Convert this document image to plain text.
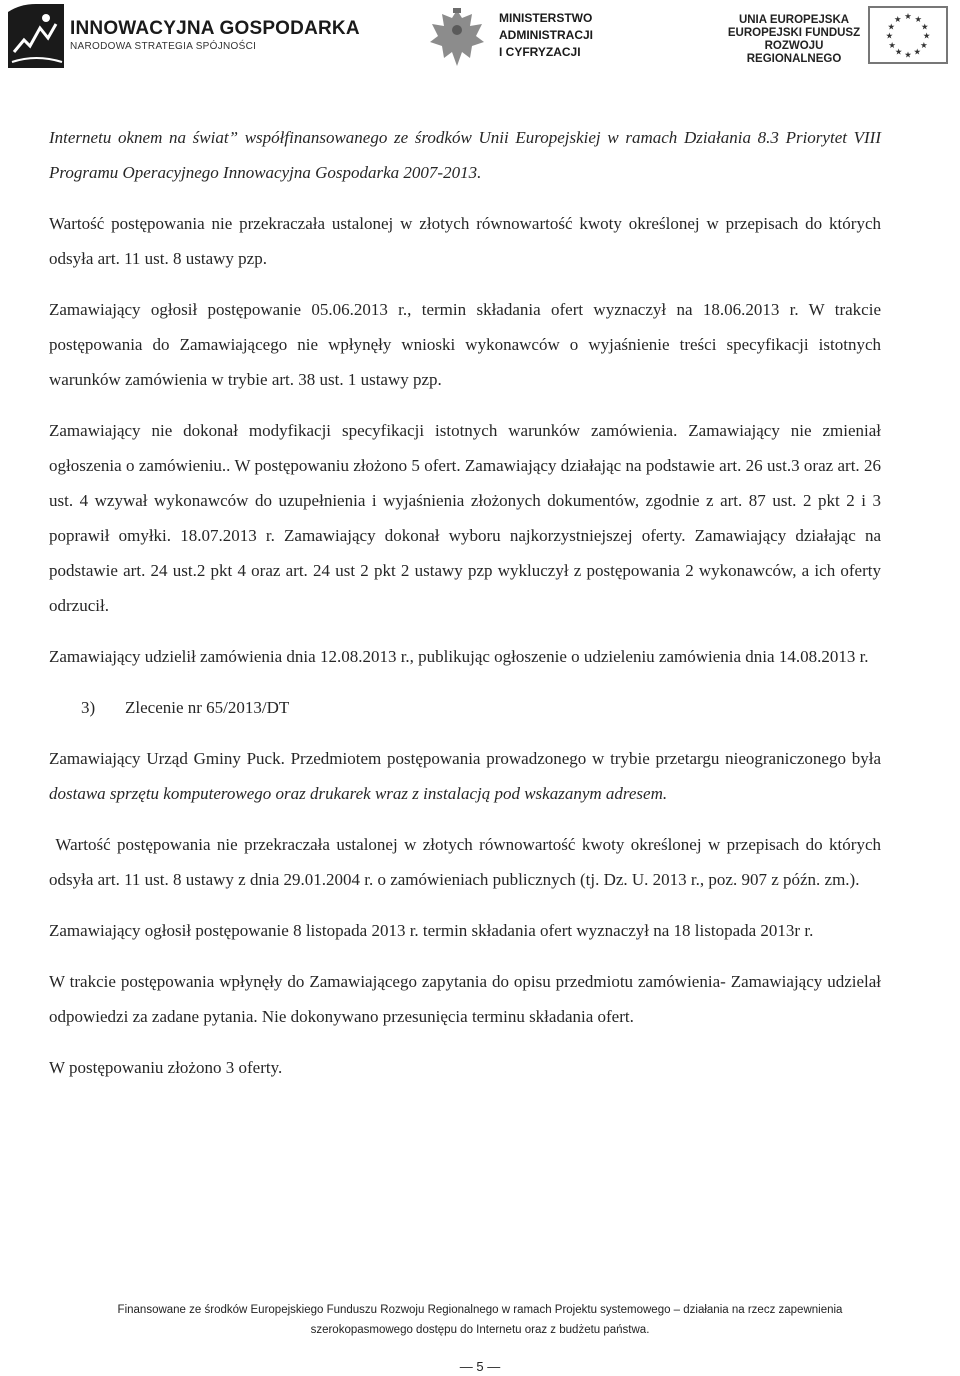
INNOWACYJNA GOSPODARKA
NARODOWA STRATEGIA SPÓJNOŚCI
MINISTERSTWO
ADMINISTRACJI
I CYFRYZACJI
UNIA EUROPEJSKA
EUROPEJSKI FUNDUSZ
ROZWOJU REGIONALNEGO
★ ★
★
★
★
★
★
★
★
★
★
★

Internetu oknem na świat” współfinansowanego ze środków Unii Europejskiej w ramach Działania 8.3 Priorytet VIII Programu Operacyjnego Innowacyjna Gospodarka 2007-2013.

Wartość postępowania nie przekraczała ustalonej w złotych równowartość kwoty określonej w przepisach do których odsyła art. 11 ust. 8 ustawy pzp.

Zamawiający ogłosił postępowanie 05.06.2013 r., termin składania ofert wyznaczył na 18.06.2013 r. W trakcie postępowania do Zamawiającego nie wpłynęły wnioski wykonawców o wyjaśnienie treści specyfikacji istotnych warunków zamówienia w trybie art. 38 ust. 1 ustawy pzp.

Zamawiający nie dokonał modyfikacji specyfikacji istotnych warunków zamówienia. Zamawiający nie zmieniał ogłoszenia o zamówieniu.. W postępowaniu złożono 5 ofert. Zamawiający działając na podstawie art. 26 ust.3 oraz art. 26 ust. 4 wzywał wykonawców do uzupełnienia i wyjaśnienia złożonych dokumentów, zgodnie z art. 87 ust. 2 pkt 2 i 3 poprawił omyłki. 18.07.2013 r. Zamawiający dokonał wyboru najkorzystniejszej oferty. Zamawiający działając na podstawie art. 24 ust.2 pkt 4 oraz art. 24 ust 2 pkt 2 ustawy pzp wykluczył z postępowania 2 wykonawców, a ich oferty odrzucił.

Zamawiający udzielił zamówienia dnia 12.08.2013 r., publikując ogłoszenie o udzieleniu zamówienia dnia 14.08.2013 r.

3) Zlecenie nr 65/2013/DT

Zamawiający Urząd Gminy Puck. Przedmiotem postępowania prowadzonego w trybie przetargu nieograniczonego była dostawa sprzętu komputerowego oraz drukarek wraz z instalacją pod wskazanym adresem.

Wartość postępowania nie przekraczała ustalonej w złotych równowartość kwoty określonej w przepisach do których odsyła art. 11 ust. 8 ustawy z dnia 29.01.2004 r. o zamówieniach publicznych (tj. Dz. U. 2013 r., poz. 907 z późn. zm.).

Zamawiający ogłosił postępowanie 8 listopada 2013 r. termin składania ofert wyznaczył na 18 listopada 2013r r.

W trakcie postępowania wpłynęły do Zamawiającego zapytania do opisu przedmiotu zamówienia- Zamawiający udzielał odpowiedzi za zadane pytania. Nie dokonywano przesunięcia terminu składania ofert.

W postępowaniu złożono 3 oferty.

Finansowane ze środków Europejskiego Funduszu Rozwoju Regionalnego w ramach Projektu systemowego – działania na rzecz zapewnienia
szerokopasmowego dostępu do Internetu oraz z budżetu państwa.
— 5 —
